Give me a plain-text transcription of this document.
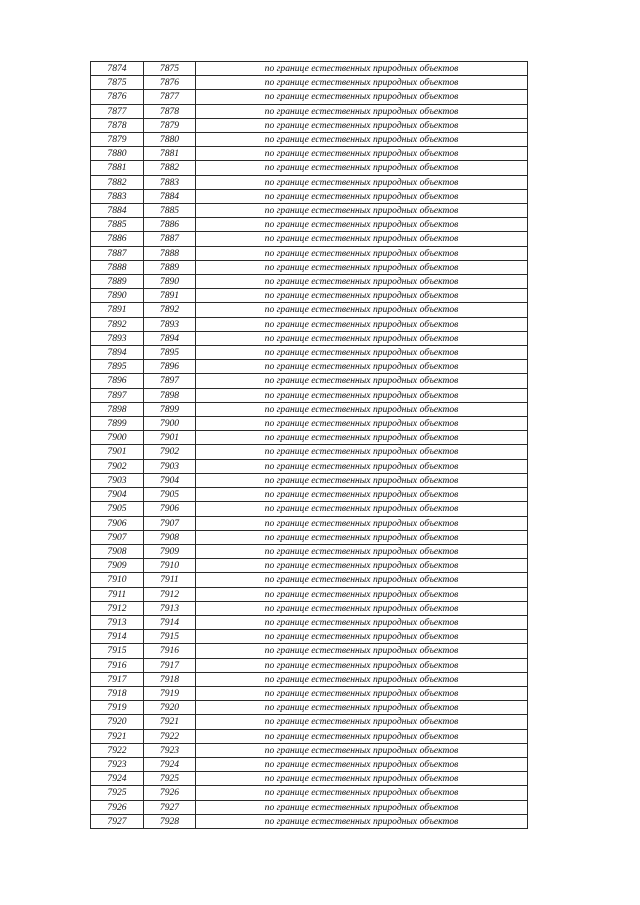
7874	7875	по границе естественных природных объектов
7875	7876	по границе естественных природных объектов
7876	7877	по границе естественных природных объектов
7877	7878	по границе естественных природных объектов
7878	7879	по границе естественных природных объектов
7879	7880	по границе естественных природных объектов
7880	7881	по границе естественных природных объектов
7881	7882	по границе естественных природных объектов
7882	7883	по границе естественных природных объектов
7883	7884	по границе естественных природных объектов
7884	7885	по границе естественных природных объектов
7885	7886	по границе естественных природных объектов
7886	7887	по границе естественных природных объектов
7887	7888	по границе естественных природных объектов
7888	7889	по границе естественных природных объектов
7889	7890	по границе естественных природных объектов
7890	7891	по границе естественных природных объектов
7891	7892	по границе естественных природных объектов
7892	7893	по границе естественных природных объектов
7893	7894	по границе естественных природных объектов
7894	7895	по границе естественных природных объектов
7895	7896	по границе естественных природных объектов
7896	7897	по границе естественных природных объектов
7897	7898	по границе естественных природных объектов
7898	7899	по границе естественных природных объектов
7899	7900	по границе естественных природных объектов
7900	7901	по границе естественных природных объектов
7901	7902	по границе естественных природных объектов
7902	7903	по границе естественных природных объектов
7903	7904	по границе естественных природных объектов
7904	7905	по границе естественных природных объектов
7905	7906	по границе естественных природных объектов
7906	7907	по границе естественных природных объектов
7907	7908	по границе естественных природных объектов
7908	7909	по границе естественных природных объектов
7909	7910	по границе естественных природных объектов
7910	7911	по границе естественных природных объектов
7911	7912	по границе естественных природных объектов
7912	7913	по границе естественных природных объектов
7913	7914	по границе естественных природных объектов
7914	7915	по границе естественных природных объектов
7915	7916	по границе естественных природных объектов
7916	7917	по границе естественных природных объектов
7917	7918	по границе естественных природных объектов
7918	7919	по границе естественных природных объектов
7919	7920	по границе естественных природных объектов
7920	7921	по границе естественных природных объектов
7921	7922	по границе естественных природных объектов
7922	7923	по границе естественных природных объектов
7923	7924	по границе естественных природных объектов
7924	7925	по границе естественных природных объектов
7925	7926	по границе естественных природных объектов
7926	7927	по границе естественных природных объектов
7927	7928	по границе естественных природных объектов
